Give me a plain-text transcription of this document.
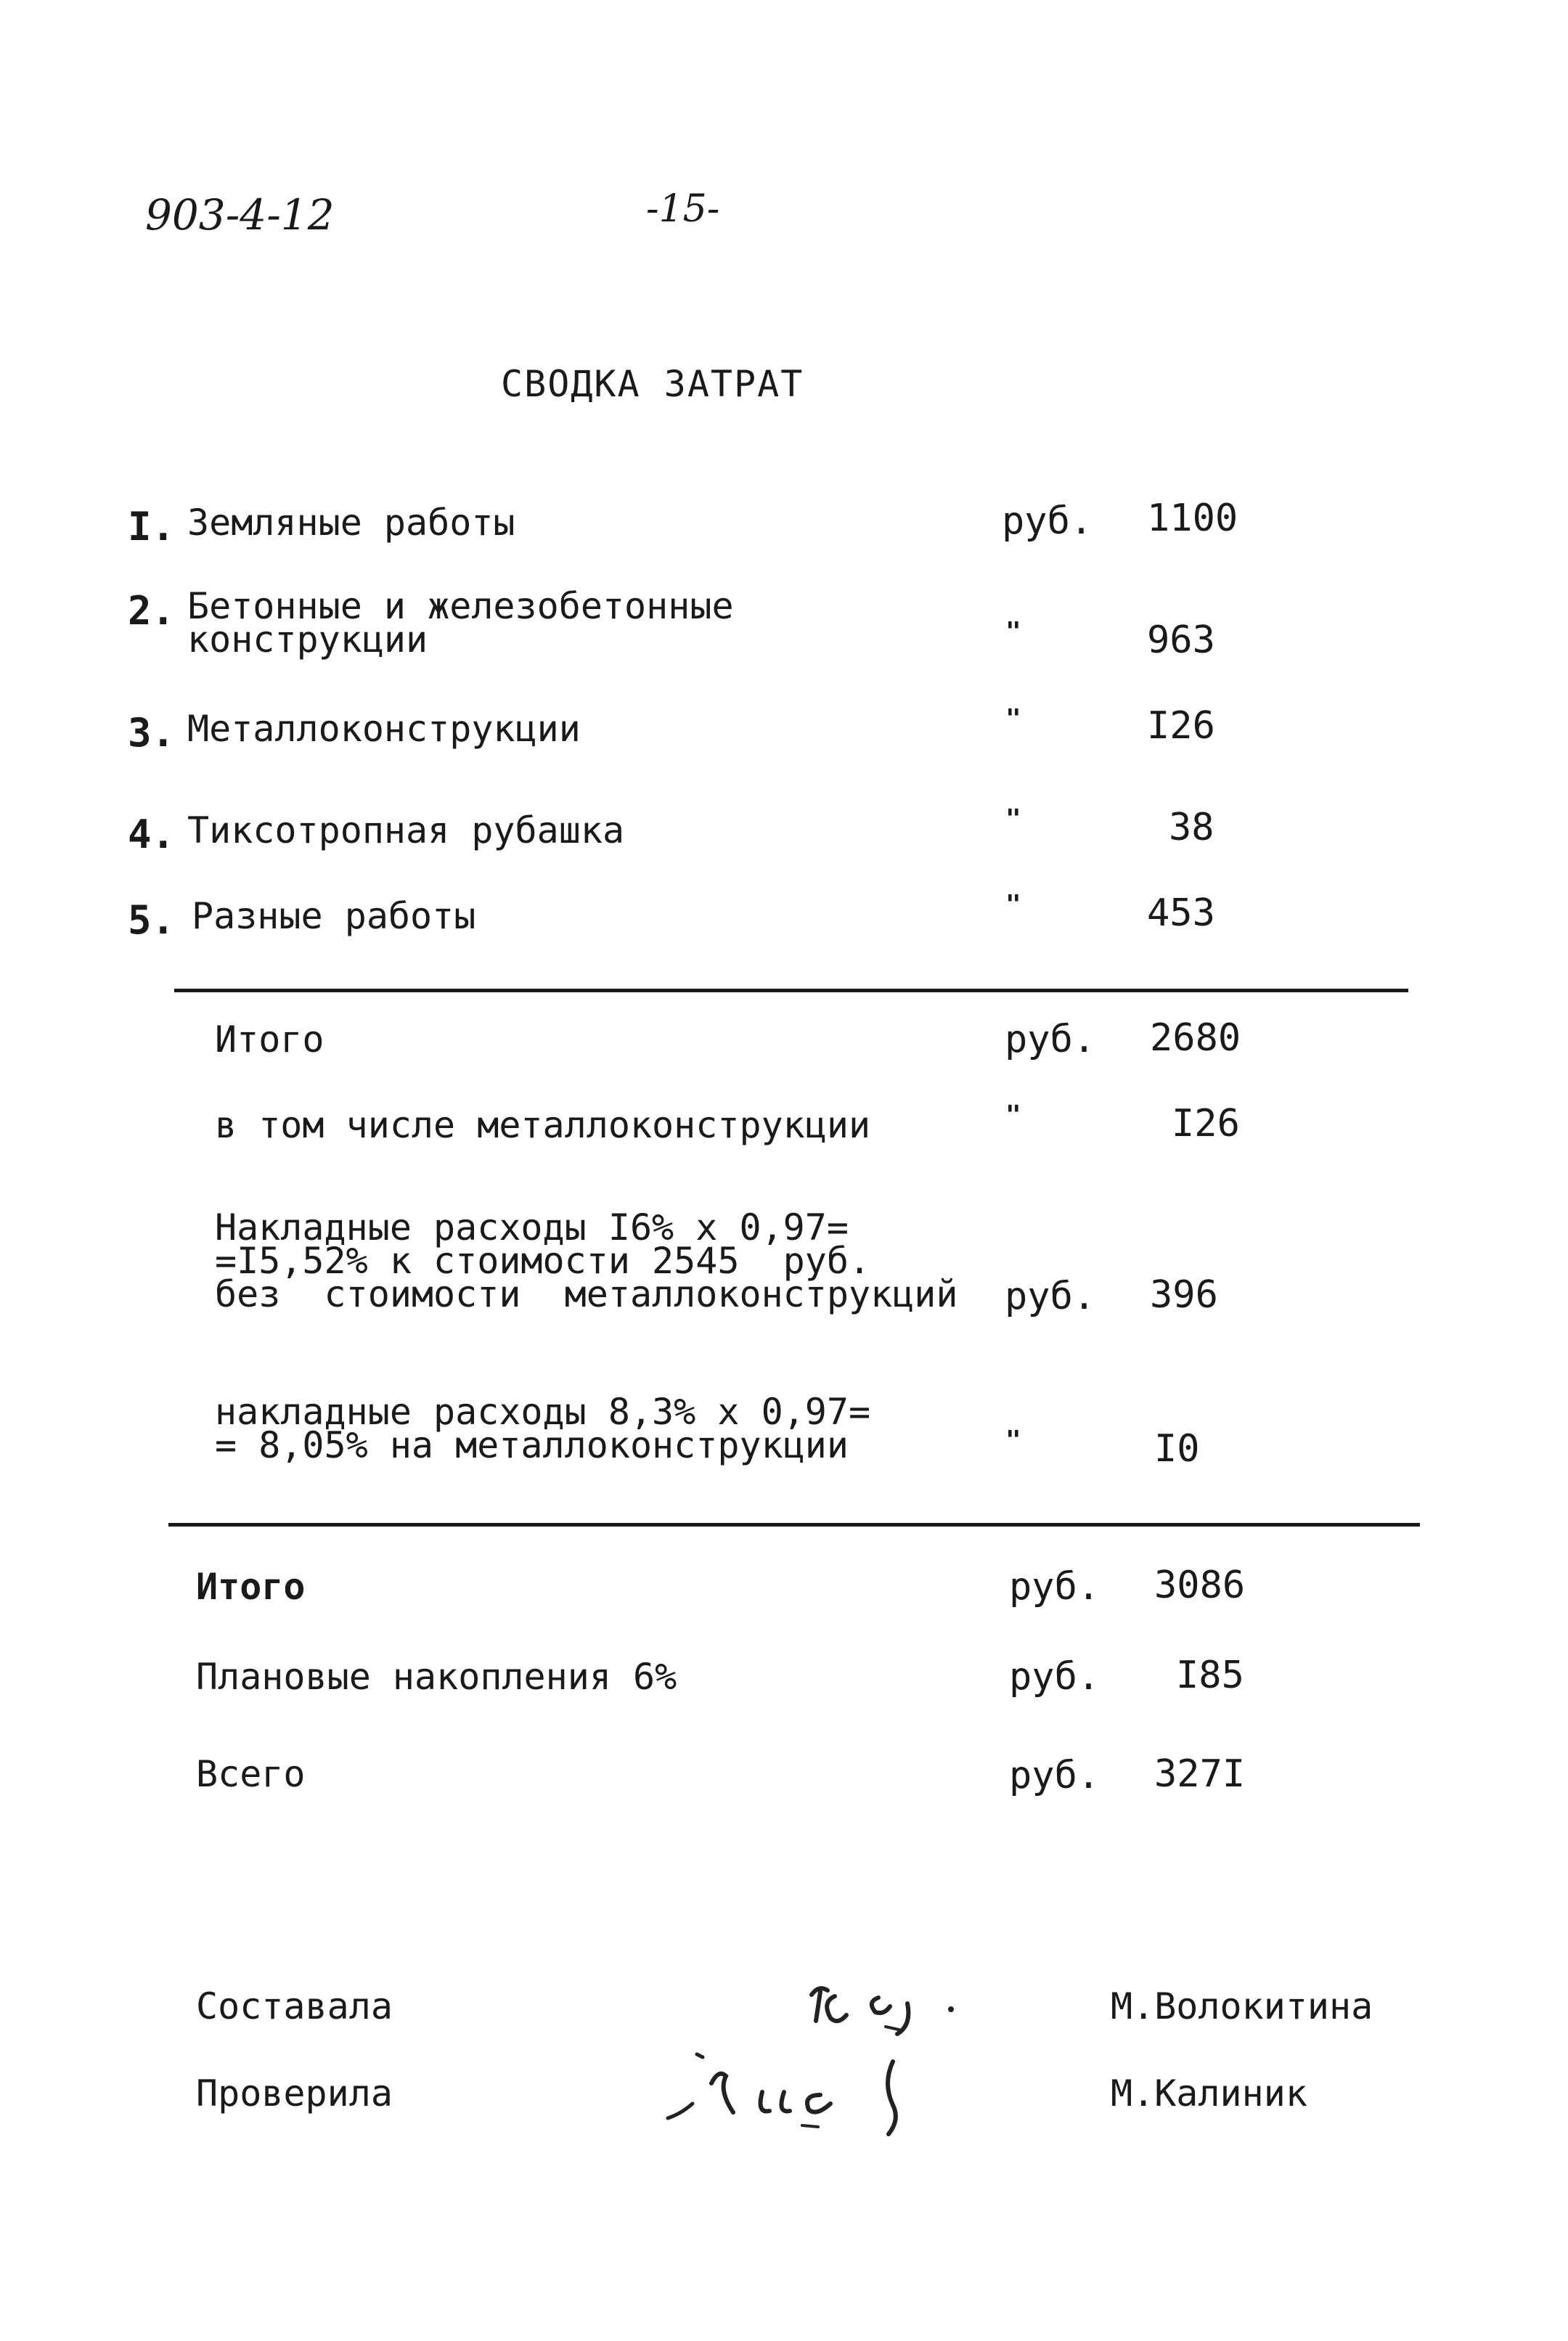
903-4-12	-15-
СВОДКА ЗАТРАТ
I. Земляные работы	руб. 1100
2. Бетонные и железобетонные
конструкции	"	963
3. Металлоконструкции	"	I26
4. Тиксотропная рубашка	"	38
5. Разные работы	"	453
Итого	руб. 2680
в том числе металлоконструкции	"	I26
Накладные расходы I6% х 0,97=
=I5,52% к стоимости 2545  руб.
без  стоимости  металлоконструкций руб. 396
накладные расходы 8,3% х 0,97=
= 8,05% на металлоконструкции	"	I0
Итого	руб. 3086
Плановые накопления 6%	руб. I85
Всего	руб. 327I
Составала	М.Волокитина
Проверила	М.Калиник
